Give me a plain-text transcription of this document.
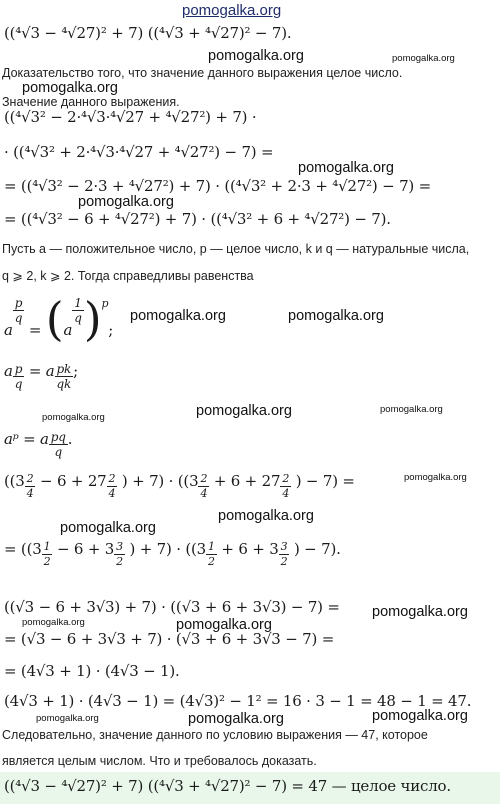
pomogalka.org
pomogalka.org	pomogalka.org
pomogalka.org
pomogalka.org
pomogalka.org
pomogalka.org	pomogalka.org
pomogalka.org	pomogalka.org
pomogalka.org
pomogalka.org
pomogalka.org
pomogalka.org
pomogalka.org
pomogalka.org	pomogalka.org
pomogalka.org	pomogalka.org	pomogalka.org
((⁴√3 − ⁴√27)² + 7) ((⁴√3 + ⁴√27)² − 7).
Доказательство того, что значение данного выражения целое число.
Значение данного выражения.
((⁴√3² − 2·⁴√3·⁴√27 + ⁴√27²) + 7) ·
· ((⁴√3² + 2·⁴√3·⁴√27 + ⁴√27²) − 7) =
= ((⁴√3² − 2·3 + ⁴√27²) + 7) · ((⁴√3² + 2·3 + ⁴√27²) − 7) =
= ((⁴√3² − 6 + ⁴√27²) + 7) · ((⁴√3² + 6 + ⁴√27²) − 7).
Пусть a — положительное число, p — целое число, k и q — натуральные числа,
q ⩾ 2, k ⩾ 2. Тогда справедливы равенства
a
$\frac{p}{q}$
= (a
$\frac{1}{q} )^p$;
a $\frac{p}{q} = a \frac{pk}{qk}$ ;
aᵖ = a $\frac{pq}{q}$ .
(($3 \frac{2}{4} - 6 + 27 \frac{2}{4}$ ) + $7) \cdot ((3 \frac{2}{4} + 6 + 27 \frac{2}{4}$ ) − 7) =
= (($3 \frac{1}{2} - 6 + 3 \frac{3}{2}$ ) + $7) \cdot ((3 \frac{1}{2} + 6 + 3 \frac{3}{2}$ ) − 7).
((√3 − 6 + 3√3) + 7) · ((√3 + 6 + 3√3) − 7) =
= (√3 − 6 + 3√3 + 7) · (√3 + 6 + 3√3 − 7) =
= (4√3 + 1) · (4√3 − 1).
(4√3 + 1) · (4√3 − 1) = (4√3)² − 1² = 16 · 3 − 1 = 48 − 1 = 47.
Следовательно, значение данного по условию выражения — 47, которое
является целым числом. Что и требовалось доказать.
((⁴√3 − ⁴√27)² + 7) ((⁴√3 + ⁴√27)² − 7) = 47 — целое число.
